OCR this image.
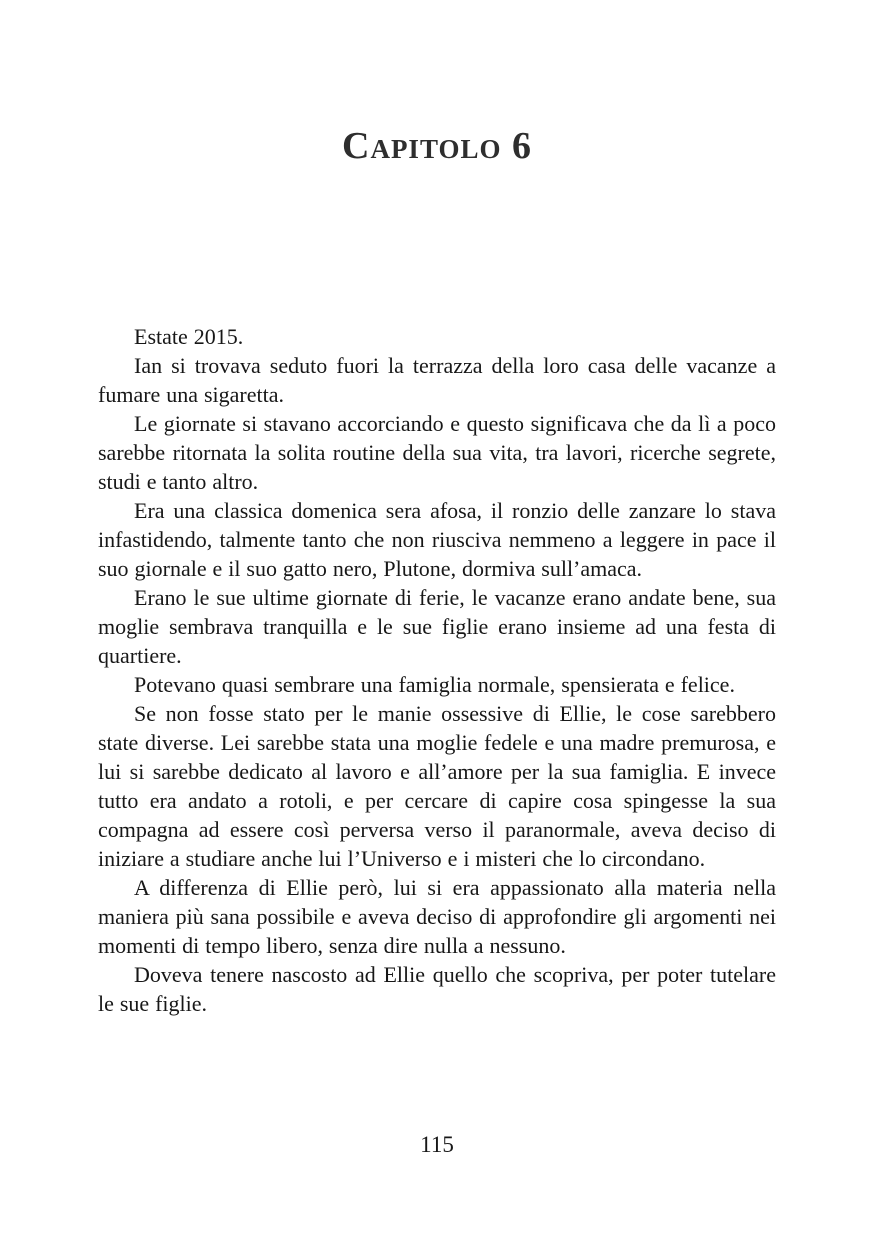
Capitolo 6

Estate 2015.

Ian si trovava seduto fuori la terrazza della loro casa delle vacanze a fumare una sigaretta.

Le giornate si stavano accorciando e questo significava che da lì a poco sarebbe ritornata la solita routine della sua vita, tra lavori, ricerche segrete, studi e tanto altro.

Era una classica domenica sera afosa, il ronzio delle zanzare lo stava infastidendo, talmente tanto che non riusciva nemmeno a leggere in pace il suo giornale e il suo gatto nero, Plutone, dormiva sull’amaca.

Erano le sue ultime giornate di ferie, le vacanze erano andate bene, sua moglie sembrava tranquilla e le sue figlie erano insieme ad una festa di quartiere.

Potevano quasi sembrare una famiglia normale, spensierata e felice.

Se non fosse stato per le manie ossessive di Ellie, le cose sarebbero state diverse. Lei sarebbe stata una moglie fedele e una madre premurosa, e lui si sarebbe dedicato al lavoro e all’amore per la sua famiglia. E invece tutto era andato a rotoli, e per cercare di capire cosa spingesse la sua compagna ad essere così perversa verso il paranormale, aveva deciso di iniziare a studiare anche lui l’Universo e i misteri che lo circondano.

A differenza di Ellie però, lui si era appassionato alla materia nella maniera più sana possibile e aveva deciso di approfondire gli argomenti nei momenti di tempo libero, senza dire nulla a nessuno.

Doveva tenere nascosto ad Ellie quello che scopriva, per poter tutelare le sue figlie.

115
